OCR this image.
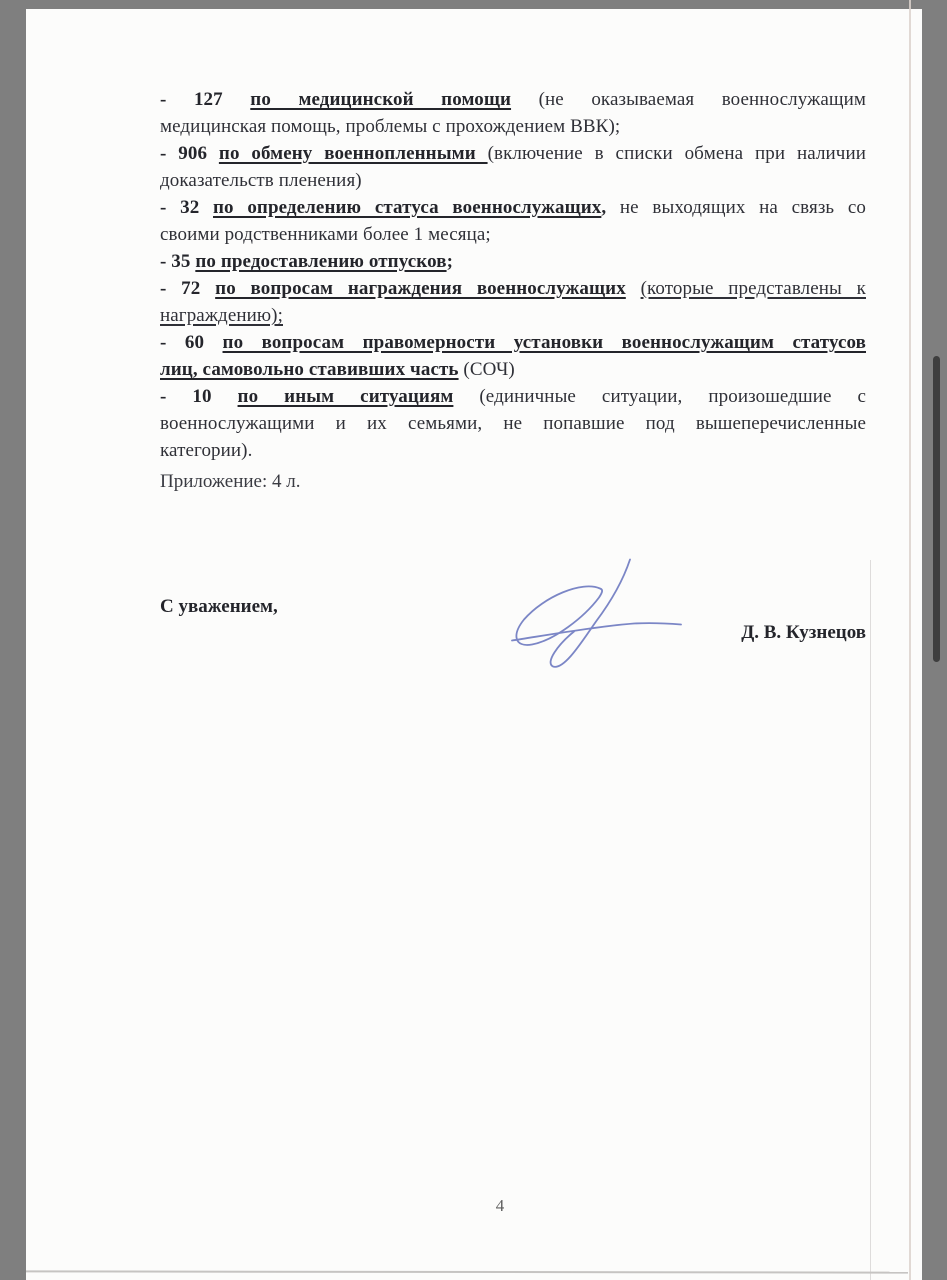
- 127 по медицинской помощи (не оказываемая военнослужащим
медицинская помощь, проблемы с прохождением ВВК);
- 906 по обмену военнопленными (включение в списки обмена при наличии
доказательств пленения)
- 32 по определению статуса военнослужащих, не выходящих на связь со
своими родственниками более 1 месяца;
- 35 по предоставлению отпусков;
- 72 по вопросам награждения военнослужащих (которые представлены к
награждению);
- 60 по вопросам правомерности установки военнослужащим статусов
лиц, самовольно ставивших часть (СОЧ)
- 10 по иным ситуациям (единичные ситуации, произошедшие с
военнослужащими и их семьями, не попавшие под вышеперечисленные
категории).
Приложение: 4 л.
С уважением,
Д. В. Кузнецов
4
